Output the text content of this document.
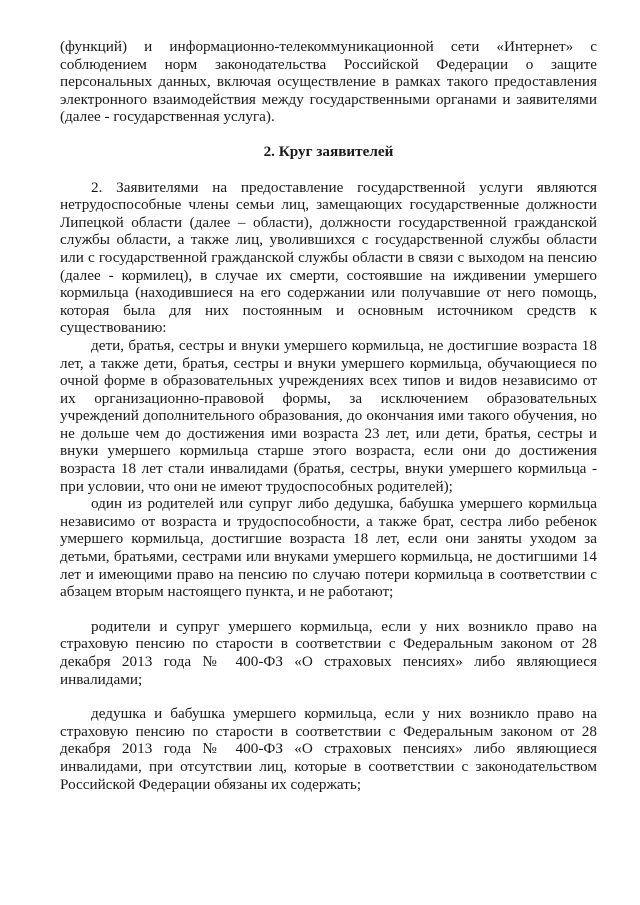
(функций) и информационно-телекоммуникационной сети «Интернет» с соблюдением норм законодательства Российской Федерации о защите персональных данных, включая осуществление в рамках такого предоставления электронного взаимодействия между государственными органами и заявителями (далее - государственная услуга).

2. Круг заявителей

2. Заявителями на предоставление государственной услуги являются нетрудоспособные члены семьи лиц, замещающих государственные должности Липецкой области (далее – области), должности государственной гражданской службы области, а также лиц, уволившихся с государственной службы области или с государственной гражданской службы области в связи с выходом на пенсию (далее - кормилец), в случае их смерти, состоявшие на иждивении умершего кормильца (находившиеся на его содержании или получавшие от него помощь, которая была для них постоянным и основным источником средств к существованию:

дети, братья, сестры и внуки умершего кормильца, не достигшие возраста 18 лет, а также дети, братья, сестры и внуки умершего кормильца, обучающиеся по очной форме в образовательных учреждениях всех типов и видов независимо от их организационно-правовой формы, за исключением образовательных учреждений дополнительного образования, до окончания ими такого обучения, но не дольше чем до достижения ими возраста 23 лет, или дети, братья, сестры и внуки умершего кормильца старше этого возраста, если они до достижения возраста 18 лет стали инвалидами (братья, сестры, внуки умершего кормильца - при условии, что они не имеют трудоспособных родителей);

один из родителей или супруг либо дедушка, бабушка умершего кормильца независимо от возраста и трудоспособности, а также брат, сестра либо ребенок умершего кормильца, достигшие возраста 18 лет, если они заняты уходом за детьми, братьями, сестрами или внуками умершего кормильца, не достигшими 14 лет и имеющими право на пенсию по случаю потери кормильца в соответствии с абзацем вторым настоящего пункта, и не работают;

родители и супруг умершего кормильца, если у них возникло право на страховую пенсию по старости в соответствии с Федеральным законом от 28 декабря 2013 года № 400-ФЗ «О страховых пенсиях» либо являющиеся инвалидами;

дедушка и бабушка умершего кормильца, если у них возникло право на страховую пенсию по старости в соответствии с Федеральным законом от 28 декабря 2013 года № 400-ФЗ «О страховых пенсиях» либо являющиеся инвалидами, при отсутствии лиц, которые в соответствии с законодательством Российской Федерации обязаны их содержать;
